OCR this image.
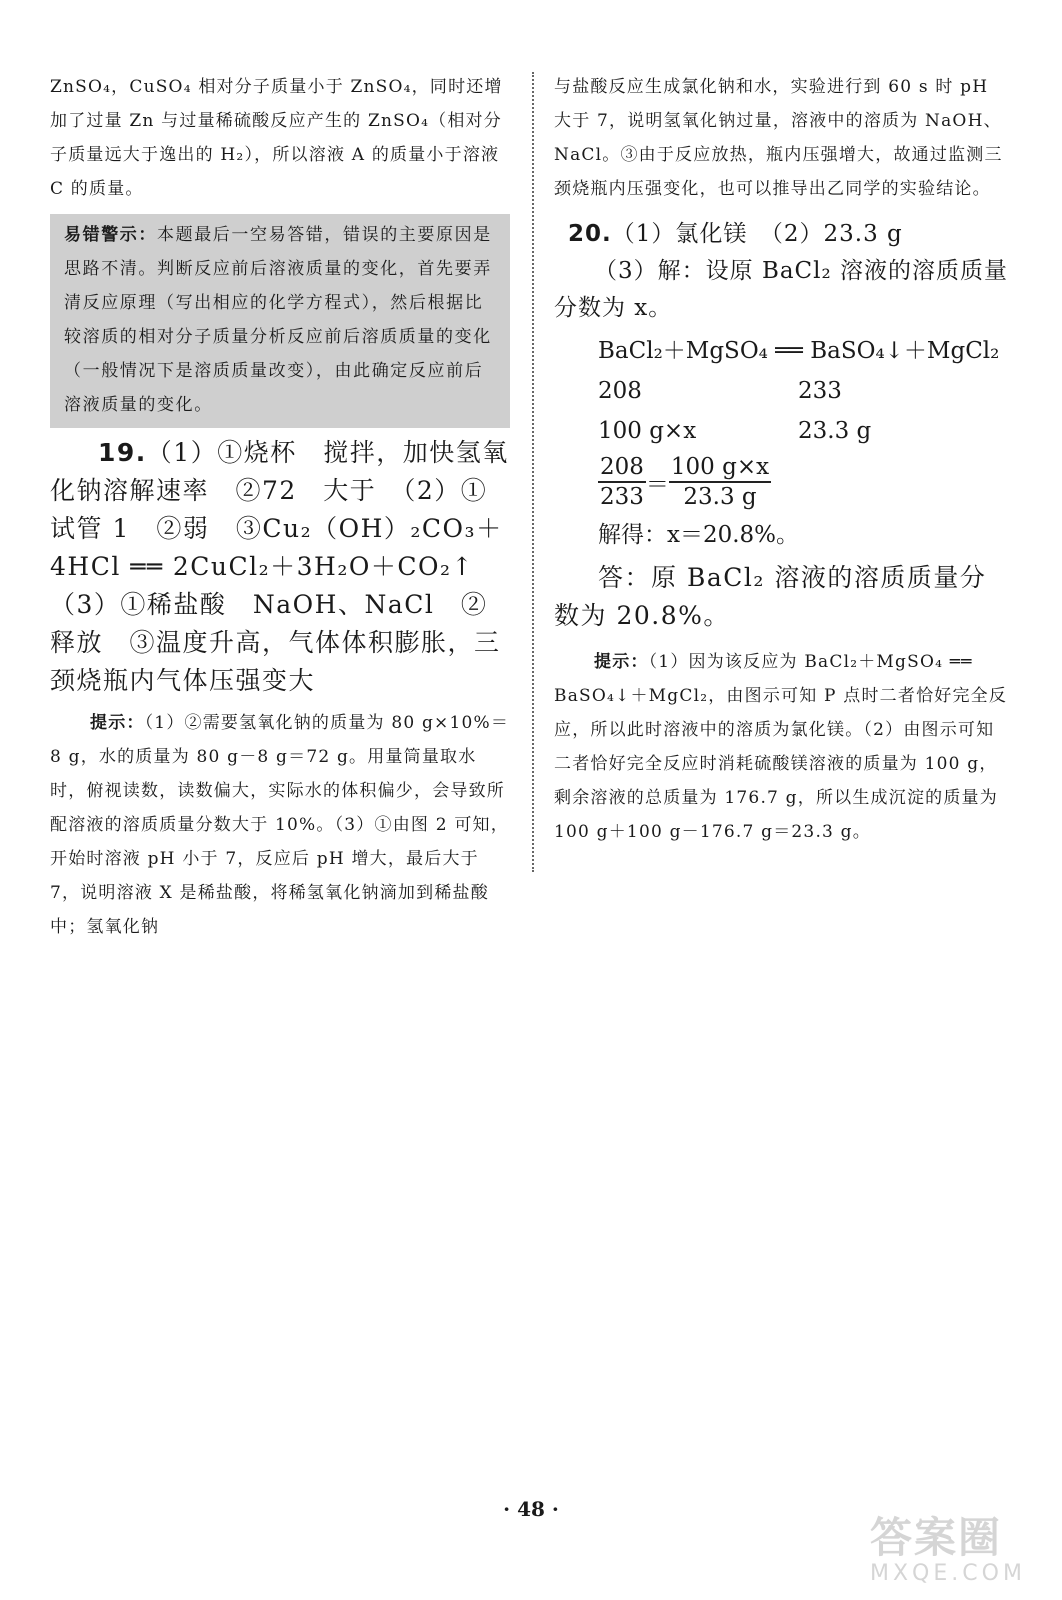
ZnSO₄，CuSO₄ 相对分子质量小于 ZnSO₄，同时还增加了过量 Zn 与过量稀硫酸反应产生的 ZnSO₄（相对分子质量远大于逸出的 H₂），所以溶液 A 的质量小于溶液 C 的质量。

易错警示：本题最后一空易答错，错误的主要原因是思路不清。判断反应前后溶液质量的变化，首先要弄清反应原理（写出相应的化学方程式），然后根据比较溶质的相对分子质量分析反应前后溶质质量的变化（一般情况下是溶质质量改变），由此确定反应前后溶液质量的变化。

19.（1）①烧杯　搅拌，加快氢氧化钠溶解速率　②72　大于　（2）①试管 1　②弱　③Cu₂（OH）₂CO₃＋4HCl ══ 2CuCl₂＋3H₂O＋CO₂↑　（3）①稀盐酸　NaOH、NaCl　②释放　③温度升高，气体体积膨胀，三颈烧瓶内气体压强变大

提示：（1）②需要氢氧化钠的质量为 80 g×10%＝8 g，水的质量为 80 g－8 g＝72 g。用量筒量取水时，俯视读数，读数偏大，实际水的体积偏少，会导致所配溶液的溶质质量分数大于 10%。（3）①由图 2 可知，开始时溶液 pH 小于 7，反应后 pH 增大，最后大于 7，说明溶液 X 是稀盐酸，将稀氢氧化钠滴加到稀盐酸中；氢氧化钠

与盐酸反应生成氯化钠和水，实验进行到 60 s 时 pH 大于 7，说明氢氧化钠过量，溶液中的溶质为 NaOH、NaCl。③由于反应放热，瓶内压强增大，故通过监测三颈烧瓶内压强变化，也可以推导出乙同学的实验结论。

20.（1）氯化镁　（2）23.3 g

（3）解：设原 BaCl₂ 溶液的溶质质量分数为 x。

BaCl₂＋MgSO₄ ══ BaSO₄↓＋MgCl₂
208	233
100 g×x	23.3 g
$\frac{208}{233} = \frac{100 g\times x}{23.3 g}$
解得：x＝20.8%。

答：原 BaCl₂ 溶液的溶质质量分数为 20.8%。

提示：（1）因为该反应为 BaCl₂＋MgSO₄ ══ BaSO₄↓＋MgCl₂，由图示可知 P 点时二者恰好完全反应，所以此时溶液中的溶质为氯化镁。（2）由图示可知二者恰好完全反应时消耗硫酸镁溶液的质量为 100 g，剩余溶液的总质量为 176.7 g，所以生成沉淀的质量为 100 g＋100 g－176.7 g＝23.3 g。

· 48 ·
答案圈
MXQE.COM
